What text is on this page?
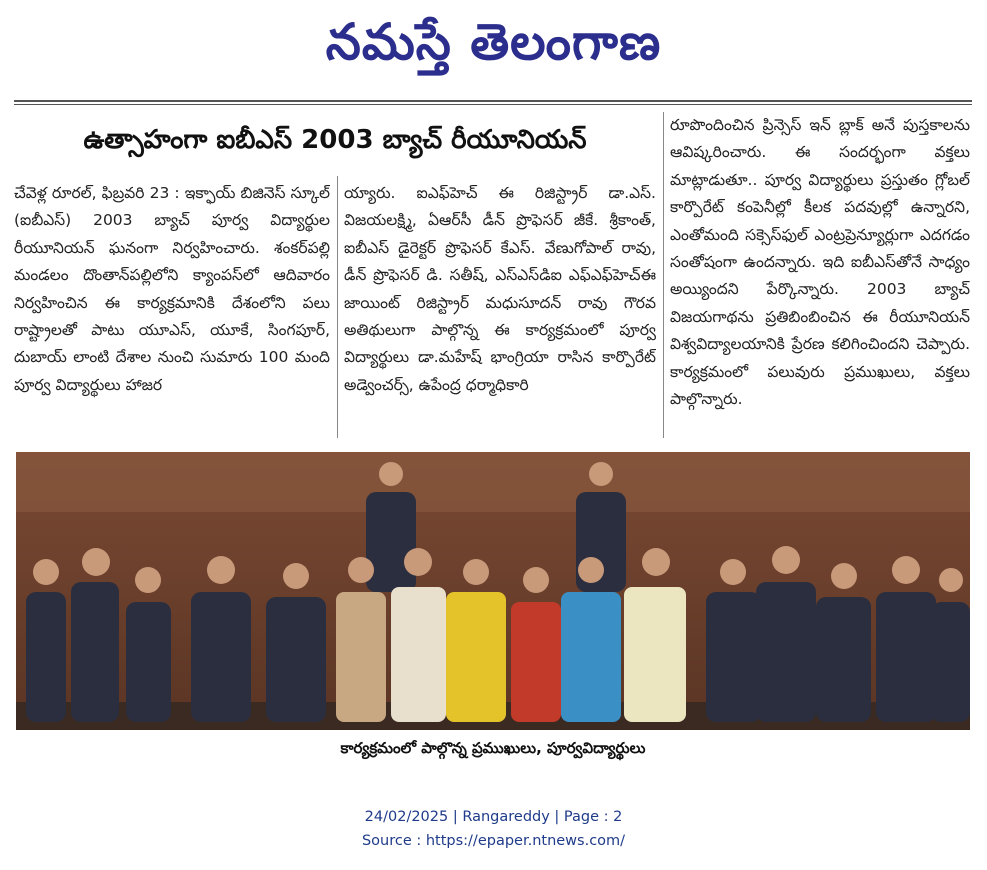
నమస్తే తెలంగాణ
ఉత్సాహంగా ఐబీఎస్ 2003 బ్యాచ్ రీయూనియన్

చేవెళ్ల రూరల్, ఫిబ్రవరి 23 : ఇక్ఫాయ్ బిజినెస్ స్కూల్ (ఐబీఎస్) 2003 బ్యాచ్ పూర్వ విద్యార్థుల రీయూనియన్ ఘనంగా నిర్వహించారు. శంకర్‌పల్లి మండలం దొంతాన్‌పల్లిలోని క్యాంపస్‌లో ఆదివారం నిర్వహించిన ఈ కార్యక్రమానికి దేశంలోని పలు రాష్ట్రాలతో పాటు యూఎస్, యూకే, సింగపూర్, దుబాయ్ లాంటి దేశాల నుంచి సుమారు 100 మంది పూర్వ విద్యార్థులు హాజర

య్యారు. ఐఎఫ్‌హెచ్ ఈ రిజిస్ట్రార్ డా.ఎస్. విజయలక్ష్మి, ఏఆర్‌సీ డీన్ ప్రొఫెసర్ జీకే. శ్రీకాంత్, ఐబీఎస్ డైరెక్టర్ ప్రొఫెసర్ కేఎస్. వేణుగోపాల్ రావు, డీన్ ప్రొఫెసర్ డి. సతీష్, ఎస్‌ఎస్‌డిఐ ఎఫ్‌ఎఫ్‌హెచ్‌ఈ జాయింట్ రిజిస్ట్రార్ మధుసూదన్ రావు గౌరవ అతిథులుగా పాల్గొన్న ఈ కార్యక్రమంలో పూర్వ విద్యార్థులు డా.మహేష్ భాంగ్రియా రాసిన కార్పొరేట్ అడ్వెంచర్స్, ఉపేంద్ర ధర్మాధికారి

రూపొందించిన ప్రిన్సెస్ ఇన్ బ్లాక్ అనే పుస్తకాలను ఆవిష్కరించారు. ఈ సందర్భంగా వక్తలు మాట్లాడుతూ.. పూర్వ విద్యార్థులు ప్రస్తుతం గ్లోబల్ కార్పొరేట్ కంపెనీల్లో కీలక పదవుల్లో ఉన్నారని, ఎంతోమంది సక్సెస్‌ఫుల్ ఎంట్రప్రెన్యూర్లుగా ఎదగడం సంతోషంగా ఉందన్నారు. ఇది ఐబీఎస్‌తోనే సాధ్యం అయ్యిందని పేర్కొన్నారు. 2003 బ్యాచ్ విజయగాథను ప్రతిబింబించిన ఈ రీయూనియన్ విశ్వవిద్యాలయానికి ప్రేరణ కలిగించిందని చెప్పారు. కార్యక్రమంలో పలువురు ప్రముఖులు, వక్తలు పాల్గొన్నారు.

కార్యక్రమంలో పాల్గొన్న ప్రముఖులు, పూర్వవిద్యార్థులు
24/02/2025 | Rangareddy | Page : 2
Source : https://epaper.ntnews.com/
